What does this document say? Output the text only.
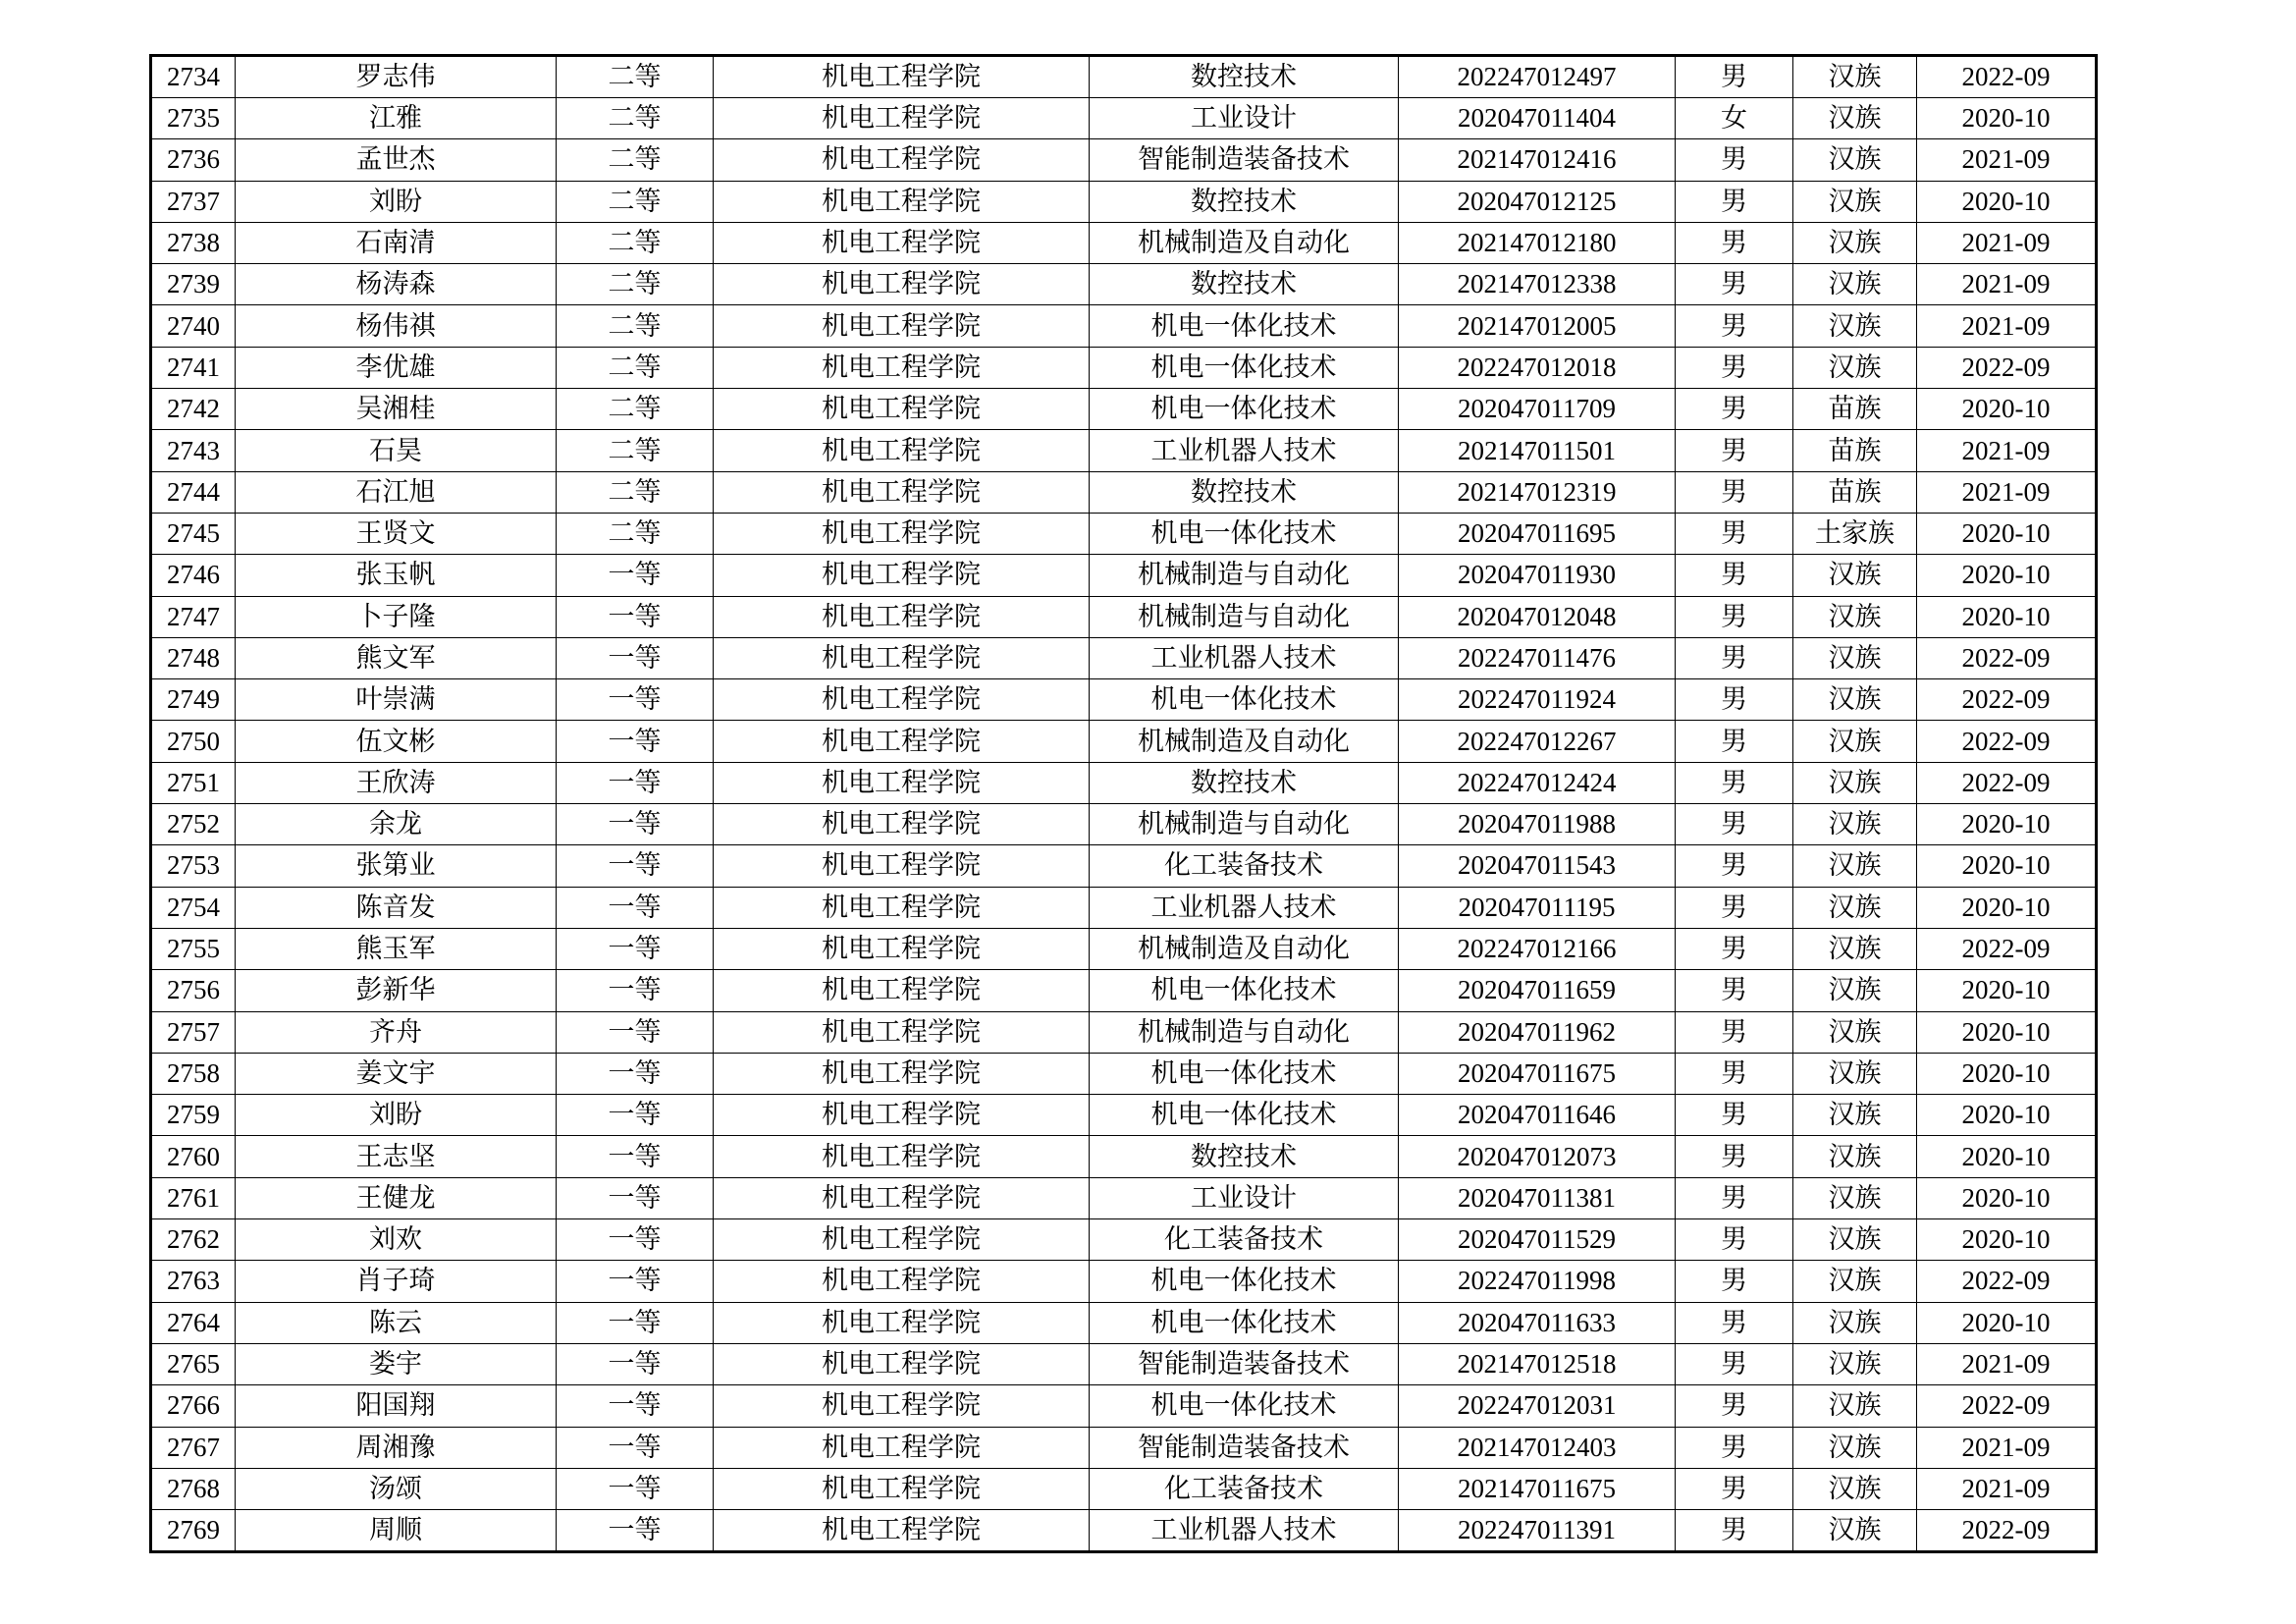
2734	罗志伟	二等	机电工程学院	数控技术	202247012497	男	汉族	2022-09
2735	江雅	二等	机电工程学院	工业设计	202047011404	女	汉族	2020-10
2736	孟世杰	二等	机电工程学院	智能制造装备技术	202147012416	男	汉族	2021-09
2737	刘盼	二等	机电工程学院	数控技术	202047012125	男	汉族	2020-10
2738	石南清	二等	机电工程学院	机械制造及自动化	202147012180	男	汉族	2021-09
2739	杨涛森	二等	机电工程学院	数控技术	202147012338	男	汉族	2021-09
2740	杨伟祺	二等	机电工程学院	机电一体化技术	202147012005	男	汉族	2021-09
2741	李优雄	二等	机电工程学院	机电一体化技术	202247012018	男	汉族	2022-09
2742	吴湘桂	二等	机电工程学院	机电一体化技术	202047011709	男	苗族	2020-10
2743	石昊	二等	机电工程学院	工业机器人技术	202147011501	男	苗族	2021-09
2744	石江旭	二等	机电工程学院	数控技术	202147012319	男	苗族	2021-09
2745	王贤文	二等	机电工程学院	机电一体化技术	202047011695	男	土家族	2020-10
2746	张玉帆	一等	机电工程学院	机械制造与自动化	202047011930	男	汉族	2020-10
2747	卜子隆	一等	机电工程学院	机械制造与自动化	202047012048	男	汉族	2020-10
2748	熊文军	一等	机电工程学院	工业机器人技术	202247011476	男	汉族	2022-09
2749	叶崇满	一等	机电工程学院	机电一体化技术	202247011924	男	汉族	2022-09
2750	伍文彬	一等	机电工程学院	机械制造及自动化	202247012267	男	汉族	2022-09
2751	王欣涛	一等	机电工程学院	数控技术	202247012424	男	汉族	2022-09
2752	余龙	一等	机电工程学院	机械制造与自动化	202047011988	男	汉族	2020-10
2753	张第业	一等	机电工程学院	化工装备技术	202047011543	男	汉族	2020-10
2754	陈音发	一等	机电工程学院	工业机器人技术	202047011195	男	汉族	2020-10
2755	熊玉军	一等	机电工程学院	机械制造及自动化	202247012166	男	汉族	2022-09
2756	彭新华	一等	机电工程学院	机电一体化技术	202047011659	男	汉族	2020-10
2757	齐舟	一等	机电工程学院	机械制造与自动化	202047011962	男	汉族	2020-10
2758	姜文宇	一等	机电工程学院	机电一体化技术	202047011675	男	汉族	2020-10
2759	刘盼	一等	机电工程学院	机电一体化技术	202047011646	男	汉族	2020-10
2760	王志坚	一等	机电工程学院	数控技术	202047012073	男	汉族	2020-10
2761	王健龙	一等	机电工程学院	工业设计	202047011381	男	汉族	2020-10
2762	刘欢	一等	机电工程学院	化工装备技术	202047011529	男	汉族	2020-10
2763	肖子琦	一等	机电工程学院	机电一体化技术	202247011998	男	汉族	2022-09
2764	陈云	一等	机电工程学院	机电一体化技术	202047011633	男	汉族	2020-10
2765	娄宇	一等	机电工程学院	智能制造装备技术	202147012518	男	汉族	2021-09
2766	阳国翔	一等	机电工程学院	机电一体化技术	202247012031	男	汉族	2022-09
2767	周湘豫	一等	机电工程学院	智能制造装备技术	202147012403	男	汉族	2021-09
2768	汤颂	一等	机电工程学院	化工装备技术	202147011675	男	汉族	2021-09
2769	周顺	一等	机电工程学院	工业机器人技术	202247011391	男	汉族	2022-09
